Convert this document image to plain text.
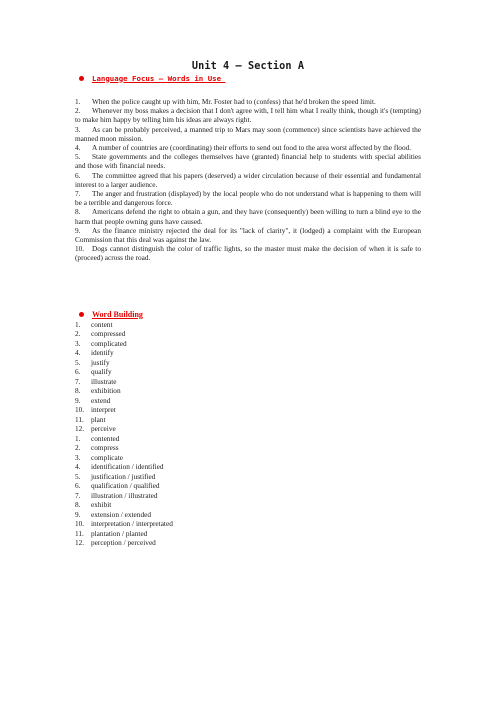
Unit 4 – Section A
Language Focus – Words in Use
1. When the police caught up with him, Mr. Foster had to (confess) that he'd broken the speed limit.
2. Whenever my boss makes a decision that I don't agree with, I tell him what I really think, though it's (tempting) to make him happy by telling him his ideas are always right.
3. As can be probably perceived, a manned trip to Mars may soon (commence) since scientists have achieved the manned moon mission.
4. A number of countries are (coordinating) their efforts to send out food to the area worst affected by the flood.
5. State governments and the colleges themselves have (granted) financial help to students with special abilities and those with financial needs.
6. The committee agreed that his papers (deserved) a wider circulation because of their essential and fundamental interest to a larger audience.
7. The anger and frustration (displayed) by the local people who do not understand what is happening to them will be a terrible and dangerous force.
8. Americans defend the right to obtain a gun, and they have (consequently) been willing to turn a blind eye to the harm that people owning guns have caused.
9. As the finance ministry rejected the deal for its "lack of clarity", it (lodged) a complaint with the European Commission that this deal was against the law.
10. Dogs cannot distinguish the color of traffic lights, so the master must make the decision of when it is safe to (proceed) across the road.
Word Building
1.	content
2.	compressed
3.	complicated
4.	identify
5.	justify
6.	qualify
7.	illustrate
8.	exhibition
9.	extend
10. interpret
11. plant
12. perceive
1.	contented
2.	compress
3.	complicate
4.	identification / identified
5.	justification / justified
6.	qualification / qualified
7.	illustration / illustrated
8.	exhibit
9.	extension / extended
10. interpretation / interpretated
11. plantation / planted
12. perception / perceived
